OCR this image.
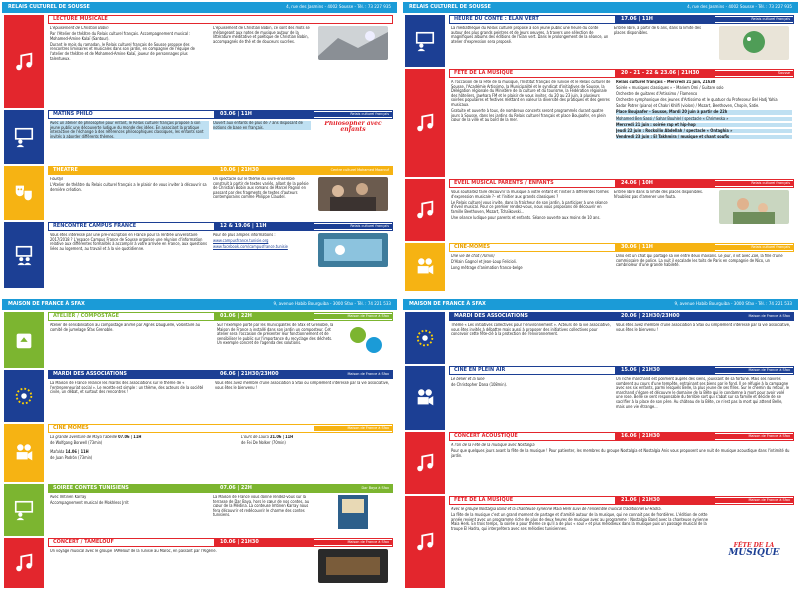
RELAIS CULTUREL DE SOUSSE	4, rue des Jasmins - 4002 Sousse - Tél. : 73 227 935
LECTURE MUSICALE	01 & 08.06 | 21H30	Relais culturel français

L'épuisement de Christian Bobin

Par l'Atelier de théâtre du Relais culturel français. Accompagnement musical : Mohamed-Amine Kalaï (Santour).

Durant le mois du ramadan, le Relais culturel français de Sousse propose des rencontres liminaires et musicales dans son jardin, en compagnie de l'équipe de l'atelier de théâtre et de Mohamed-Amine Kalaï, joueur de personnages plus talentueux.

L'épuisement de Christian Bobin, ce sont des mots se mélangeant aux notes de musique autour de la littérature méditative et poétique de Christian Bobin, accompagnés de thé et de douceurs sucrées.

MATINS PHILO	03.06 | 11H	Relais culturel français

Avec un atelier de philosophie pour enfant, le Relais culturel français propose à son jeune public une découverte ludique du monde des idées. En associant la pratique interactive de l'échange à des références philosophiques classiques, les enfants sont invités à aborder différents thèmes.

Ouvert aux enfants de plus de 7 ans disposant de notions de base en français.

Philosopher avec enfants
THÉÂTRE	10.06 | 21H30	Centre culturel Mohamed Maarouf

Fouldjil

L'Atelier de théâtre du Relais culturel français a le plaisir de vous inviter à découvrir sa dernière création.

Un spectacle sur le thème du vivre-ensemble construit à partir de textes variés, allant de la poésie de Christian Bobin aux romans de Marcel Pagnol en passant par des fragments de textes d'auteurs contemporains comme Philippe Claudel.

RENCONTRE CAMPUS FRANCE	12 & 19.06 | 11H	Relais culturel français

Vous êtes intéressé par une pré-inscription en France pour la rentrée universitaire 2017/2018 ? L'espace Campus France de Sousse organise une réunion d'information relative aux différentes formalités à accomplir à votre arrivée en France, aux questions liées au logement, au travail et à la vie quotidienne.

Pour de plus amples informations :

www.campusfrance.tunisie.org

www.facebook.com/campusfrance.tunisie

RELAIS CULTUREL DE SOUSSE	4, rue des Jasmins - 4002 Sousse - Tél. : 73 227 935
HEURE DU CONTE : ÉLAN VERT	17.06 | 11H	Relais culturel français

La médiathèque du Relais culturel propose à son jeune public une heure du conte autour des plus grands peintres et de leurs oeuvres, à travers une sélection de magnifiques albums des éditions de l'Élan vert. Dans le prolongement de la séance, un atelier d'expression sera proposé.

Entrée libre, à partir de 6 ans, dans la limite des places disponibles.

FÊTE DE LA MUSIQUE	20 - 21 - 22 & 23.06 | 21H30	Sousse

À l'occasion de la Fête de la musique, l'Institut français de Tunisie et le Relais culturel de Sousse, l'Académie Artissimo, la Municipalité et le syndicat d'initiatives de Sousse, la Délégation régionale du Ministère de la culture et du tourisme, la Fédération régionale des hôteliers, Jawhara FM et le plaisir de vous inviter, du 20 au 23 juin, à plusieurs soirées populaires et festives mettant en valeur la diversité des pratiques et des genres musicaux.

Gratuite et ouverte à tous, de nombreux concerts seront programmés durant quatre jours à Sousse, dans les jardins du Relais culturel français et place Boujaafer, en plein cœur de la ville et au bord de la mer.

Relais culturel français – Mercredi 21 juin, 21h30

Soirée « musiques classiques » – Mariem Omi / Guitare solo

Orchestre de guitares d'Artissimo / Flamenco

Orchestre symphonique des jeunes d'Artissimo et le quatuor du Professeur Bel Hadj Yahia

Sadar Potrer (piano) et Chakri Khlifi (violon) / Mozart, Beethoven, Chopin, Satie.

Place Boujaafer – Sousse, Mardi 20 juin à partir de 22h

Mohamed Ben Sassi / Sahar Bouhlel / spectacle « Chrimeska »

Mercredi 21 juin : soirée rap et hip-hop

Jeudi 22 juin : Rocksilio Abdellah / spectacle « Ontaghia »

Vendredi 23 juin : El Takhmira / musique et chant soufis

ÉVEIL MUSICAL PARENTS / ENFANTS	24.06 | 10H	Relais culturel français

Vous souhaitez faire découvrir la musique à votre enfant et l'initier à différentes formes d'expression musicale ?– et l'initier aux grands classiques ?

Le Relais culturel vous invite, dans la fraîcheur de son jardin, à participer à une séance d'éveil musical. Pour ce premier rendez-vous, nous vous proposons de découvrir en famille Beethoven, Mozart, Tchaïkovski...

Une séance ludique pour parents et enfants. Séance ouverte aux moins de 10 ans.

Entrée libre dans la limite des places disponibles. N'oubliez pas d'amener une fouta.

CINÉ-MÔMES	30.06 | 11H	Relais culturel français

Une vie de chat (70min)

D'Alain Gagnol et Jean-Loup Felicioli.

Long métrage d'animation franco-belge

Dino est un chat qui partage sa vie entre deux maisons. Le jour, il vit avec Zoé, la fille d'une commissaire de police. La nuit il escalade les toits de Paris en compagnie de Nico, un cambrioleur d'une grande habileté.

MAISON DE FRANCE À SFAX	9, avenue Habib Bourguiba - 3000 Sfax - Tél. : 74 221 533
ATELIER / COMPOSTAGE	01.06 | 22H	Maison de France à Sfax

Atelier de sensibilisation au compostage animé par Agnès Dauguelle, volontaire au comité de jumelage Sfax Grenoble.

Sur l'exemple porté par les municipalités de Sfax et Grenoble, la Maison de France a installé dans son jardin un composteur. Cet atelier sera l'occasion de présenter leur fonctionnement et de sensibiliser le public sur l'importance du recyclage des déchets. Un exemple concret de l'agenda des solutions.

MARDI DES ASSOCIATIONS	06.06 | 21H30/23H00	Maison de France à Sfax

La Maison de France relance les mardis des associations sur le thème de « l'entrepreneuriat social ». Le recette est simple : un thème, des acteurs de la société civile, un débat, et surtout des rencontres !

Vous êtes avez membre d'une association à Sfax ou simplement intéressé par la vie associative, vous êtes le bienvenu !

CINÉ MÔMES	Maison de France à Sfax

La grande aventure de Maya l'abeille 07.06 | 11H

de Wolfgang Borwell (73min)

Mafalda 14.06 | 11H

de Juan Padrón (73min)

L'ours de Laura 21.06 | 11H

de Fei De Nolker (70min)

SOIRÉE CONTES TUNISIENS	07.06 | 22H	Dar Baya à Sfax

Avec Imtinen Karray

Accompagnement musical de Mokhless Jrrit

La Maison de France vous donne rendez-vous sur la terrasse de Dar Baya, hors le cœur de nos contes, au cœur de la Médina. La conteuse Imtinen Karray nous fera découvrir et redécouvrir le charme des contes tunisiens.

CONCERT / TAMELOUF	10.06 | 21H30	Maison de France à Sfax

Un voyage musical avec le groupe TAMelouf de la Tunisie au Maroc, en passant par l'Algérie.

MAISON DE FRANCE À SFAX	9, avenue Habib Bourguiba - 3000 Sfax - Tél. : 74 221 533
MARDI DES ASSOCIATIONS	20.06 | 21H30/23H00	Maison de France à Sfax

Thème « Les initiatives collectives pour l'environnement ». Acteurs de la vie associative, vous êtes invités à débattre mais aussi à proposer des initiatives collectives pour concevoir cette fête-clé à la protection de l'environnement.

Vous êtes avez membre d'une association à Sfax ou simplement intéressé par la vie associative, vous êtes le bienvenu !

CINÉ EN PLEIN AIR	15.06 | 21H30	Maison de France à Sfax

Le bélier et la lune

de Christopher Dana (108min).

Un riche marchand est poliment auprès des siens, jouissant de sa fortune. Mais ses navires sombrent au cours d'une tempête, entrainant ses biens par le fond. Il se réfugie à la campagne avec ses six enfants, parmi lesquels Belle, la plus jeune de ses filles. Sur le chemin du retour, le marchand s'égare et découvre le domaine de la Bête qui le condamne à mort pour avoir volé une rose. Belle se sent responsable du terrible sort qui s'abat sur sa famille et décide de se sacrifier à la place de son père. Au château de la Bête, ce n'est pas la mort qui attend Belle, mais une vie étrange...

CONCERT ACOUSTIQUE	16.06 | 21H30	Maison de France à Sfax

À l'ori de la Fête de la musique avec Nostalgia

Pour que quelques jours avant la fête de la musique ! Pour patienter, les membres du groupe Nostalgia et Nostalgia Anis vous proposent une nuit de musique acoustique dans l'intimité du jardin.

FÊTE DE LA MUSIQUE	21.06 | 21H30	Maison de France à Sfax

Avec le groupe Nostalgia Band et la chanteuse syrienne Maia Herk suivi de l'ensemble musical traditionnel El-Hadra.

La fête de la musique c'est un grand moment de partage et d'amitié autour de la musique, qui ne connait pas de frontières. L'édition de cette année revient avec un programme riche de plus de deux heures de musique avec au programme : Nostalgia Band avec la chanteuse syrienne Maia Herk. En trois temps, la soirée a pour thème ce qu'il a de plus « soul » et plus mélodieux dans la musique puis un passage musical de la troupe El Hadra, qui interprétera avec ses mélodies tunisiennes.

FÊTE DE LA
MUSIQUE
